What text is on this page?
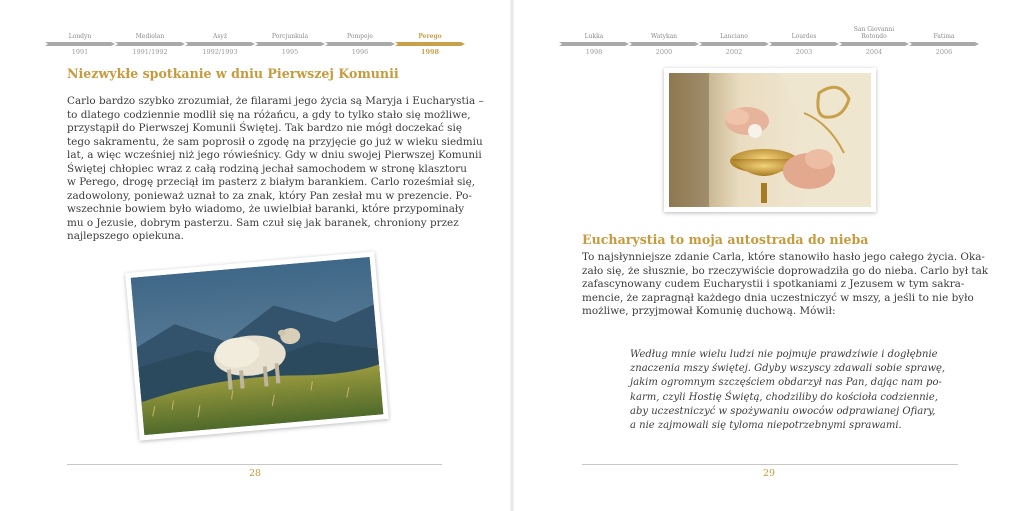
Londyn
1991
Mediolan
1991/1992
Asyż
1992/1993
Porcjunkula
1995
Pompeje
1996
Perego
1998
Niezwykłe spotkanie w dniu Pierwszej Komunii
Carlo bardzo szybko zrozumiał, że filarami jego życia są Maryja i Eucharystia –
to dlatego codziennie modlił się na różańcu, a gdy to tylko stało się możliwe,
przystąpił do Pierwszej Komunii Świętej. Tak bardzo nie mógł doczekać się
tego sakramentu, że sam poprosił o zgodę na przyjęcie go już w wieku siedmiu
lat, a więc wcześniej niż jego rówieśnicy. Gdy w dniu swojej Pierwszej Komunii
Świętej chłopiec wraz z całą rodziną jechał samochodem w stronę klasztoru
w Perego, drogę przeciął im pasterz z białym barankiem. Carlo roześmiał się,
zadowolony, ponieważ uznał to za znak, który Pan zesłał mu w prezencie. Po-
wszechnie bowiem było wiadomo, że uwielbiał baranki, które przypominały
mu o Jezusie, dobrym pasterzu. Sam czuł się jak baranek, chroniony przez
najlepszego opiekuna.
28
Lukka
1998
Watykan
2000
Lanciano
2002
Lourdes
2003
San Giovanni Rotondo
2004
Fatima
2006
Eucharystia to moja autostrada do nieba
To najsłynniejsze zdanie Carla, które stanowiło hasło jego całego życia. Oka-
zało się, że słusznie, bo rzeczywiście doprowadziła go do nieba. Carlo był tak
zafascynowany cudem Eucharystii i spotkaniami z Jezusem w tym sakra-
mencie, że zapragnął każdego dnia uczestniczyć w mszy, a jeśli to nie było
możliwe, przyjmował Komunię duchową. Mówił:
Według mnie wielu ludzi nie pojmuje prawdziwie i dogłębnie
znaczenia mszy świętej. Gdyby wszyscy zdawali sobie sprawę,
jakim ogromnym szczęściem obdarzył nas Pan, dając nam po-
karm, czyli Hostię Świętą, chodziliby do kościoła codziennie,
aby uczestniczyć w spożywaniu owoców odprawianej Ofiary,
a nie zajmowali się tyloma niepotrzebnymi sprawami.
29
